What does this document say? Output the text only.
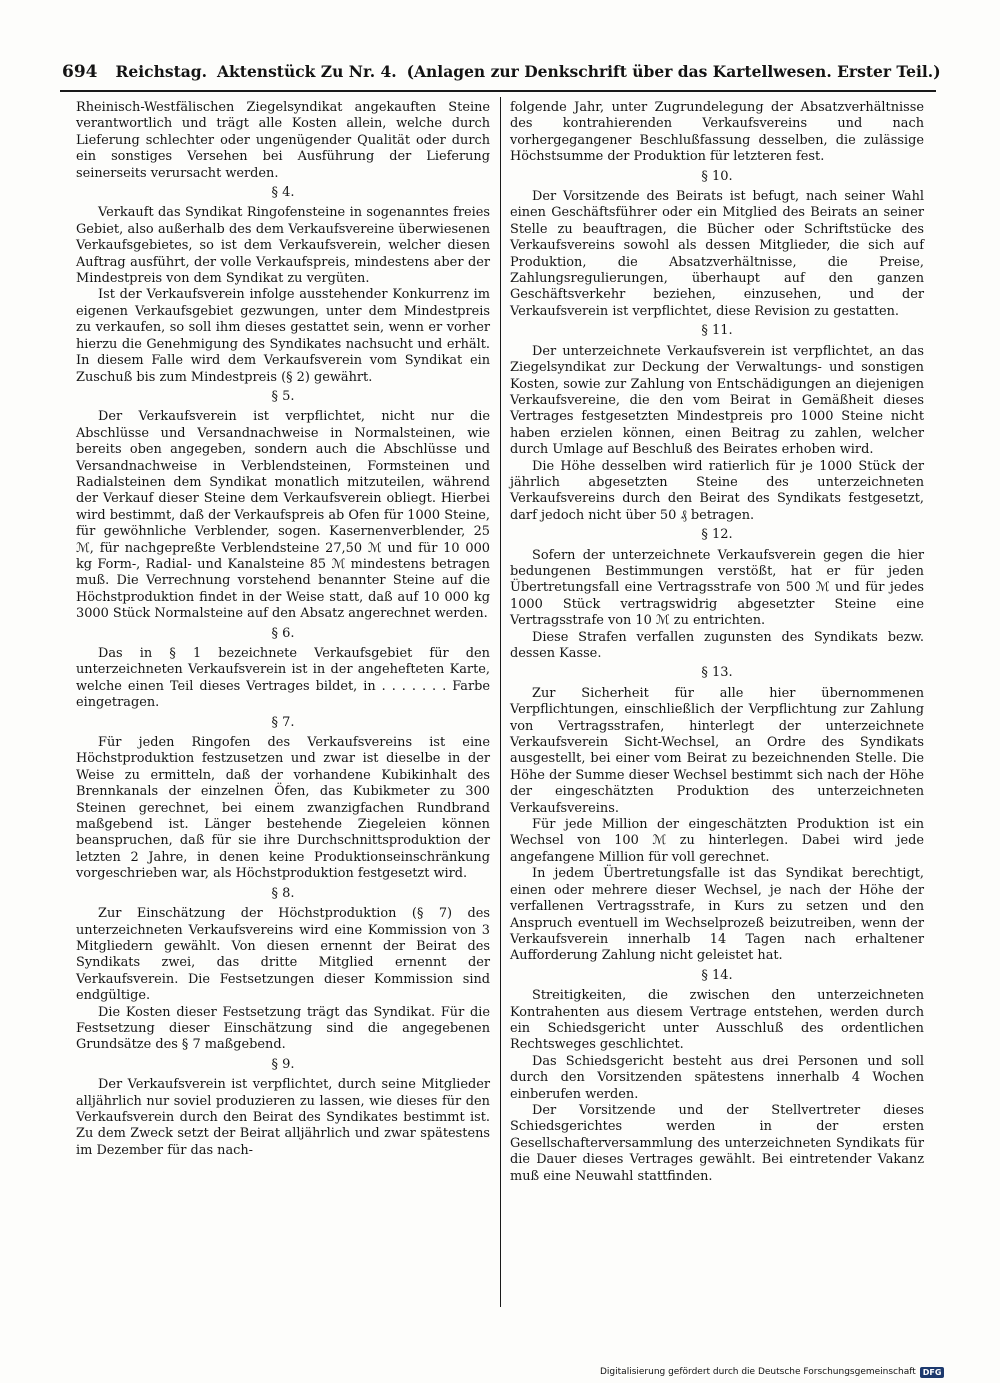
694 Reichstag. Aktenstück Zu Nr. 4. (Anlagen zur Denkschrift über das Kartellwesen. Erster Teil.)

Rheinisch-Westfälischen Ziegelsyndikat angekauften Steine verantwortlich und trägt alle Kosten allein, welche durch Lieferung schlechter oder ungenügender Qualität oder durch ein sonstiges Versehen bei Ausführung der Lieferung seinerseits verursacht werden.

§ 4.

Verkauft das Syndikat Ringofensteine in sogenanntes freies Gebiet, also außerhalb des dem Verkaufsvereine überwiesenen Verkaufsgebietes, so ist dem Verkaufsverein, welcher diesen Auftrag ausführt, der volle Verkaufspreis, mindestens aber der Mindestpreis von dem Syndikat zu vergüten.

Ist der Verkaufsverein infolge ausstehender Konkurrenz im eigenen Verkaufsgebiet gezwungen, unter dem Mindestpreis zu verkaufen, so soll ihm dieses gestattet sein, wenn er vorher hierzu die Genehmigung des Syndikates nachsucht und erhält. In diesem Falle wird dem Verkaufsverein vom Syndikat ein Zuschuß bis zum Mindestpreis (§ 2) gewährt.

§ 5.

Der Verkaufsverein ist verpflichtet, nicht nur die Abschlüsse und Versandnachweise in Normalsteinen, wie bereits oben angegeben, sondern auch die Abschlüsse und Versandnachweise in Verblendsteinen, Formsteinen und Radialsteinen dem Syndikat monatlich mitzuteilen, während der Verkauf dieser Steine dem Verkaufsverein obliegt. Hierbei wird bestimmt, daß der Verkaufspreis ab Ofen für 1000 Steine, für gewöhnliche Verblender, sogen. Kasernenverblender, 25 ℳ, für nachgepreßte Verblendsteine 27,50 ℳ und für 10 000 kg Form-, Radial- und Kanalsteine 85 ℳ mindestens betragen muß. Die Verrechnung vorstehend benannter Steine auf die Höchstproduktion findet in der Weise statt, daß auf 10 000 kg 3000 Stück Normalsteine auf den Absatz angerechnet werden.

§ 6.

Das in § 1 bezeichnete Verkaufsgebiet für den unterzeichneten Verkaufsverein ist in der angehefteten Karte, welche einen Teil dieses Vertrages bildet, in . . . . . . . Farbe eingetragen.

§ 7.

Für jeden Ringofen des Verkaufsvereins ist eine Höchstproduktion festzusetzen und zwar ist dieselbe in der Weise zu ermitteln, daß der vorhandene Kubikinhalt des Brennkanals der einzelnen Öfen, das Kubikmeter zu 300 Steinen gerechnet, bei einem zwanzigfachen Rundbrand maßgebend ist. Länger bestehende Ziegeleien können beanspruchen, daß für sie ihre Durchschnittsproduktion der letzten 2 Jahre, in denen keine Produktionseinschränkung vorgeschrieben war, als Höchstproduktion festgesetzt wird.

§ 8.

Zur Einschätzung der Höchstproduktion (§ 7) des unterzeichneten Verkaufsvereins wird eine Kommission von 3 Mitgliedern gewählt. Von diesen ernennt der Beirat des Syndikats zwei, das dritte Mitglied ernennt der Verkaufsverein. Die Festsetzungen dieser Kommission sind endgültige.

Die Kosten dieser Festsetzung trägt das Syndikat. Für die Festsetzung dieser Einschätzung sind die angegebenen Grundsätze des § 7 maßgebend.

§ 9.

Der Verkaufsverein ist verpflichtet, durch seine Mitglieder alljährlich nur soviel produzieren zu lassen, wie dieses für den Verkaufsverein durch den Beirat des Syndikates bestimmt ist. Zu dem Zweck setzt der Beirat alljährlich und zwar spätestens im Dezember für das nach-

folgende Jahr, unter Zugrundelegung der Absatzverhältnisse des kontrahierenden Verkaufsvereins und nach vorhergegangener Beschlußfassung desselben, die zulässige Höchstsumme der Produktion für letzteren fest.

§ 10.

Der Vorsitzende des Beirats ist befugt, nach seiner Wahl einen Geschäftsführer oder ein Mitglied des Beirats an seiner Stelle zu beauftragen, die Bücher oder Schriftstücke des Verkaufsvereins sowohl als dessen Mitglieder, die sich auf Produktion, die Absatzverhältnisse, die Preise, Zahlungsregulierungen, überhaupt auf den ganzen Geschäftsverkehr beziehen, einzusehen, und der Verkaufsverein ist verpflichtet, diese Revision zu gestatten.

§ 11.

Der unterzeichnete Verkaufsverein ist verpflichtet, an das Ziegelsyndikat zur Deckung der Verwaltungs- und sonstigen Kosten, sowie zur Zahlung von Entschädigungen an diejenigen Verkaufsvereine, die den vom Beirat in Gemäßheit dieses Vertrages festgesetzten Mindestpreis pro 1000 Steine nicht haben erzielen können, einen Beitrag zu zahlen, welcher durch Umlage auf Beschluß des Beirates erhoben wird.

Die Höhe desselben wird ratierlich für je 1000 Stück der jährlich abgesetzten Steine des unterzeichneten Verkaufsvereins durch den Beirat des Syndikats festgesetzt, darf jedoch nicht über 50 ₰ betragen.

§ 12.

Sofern der unterzeichnete Verkaufsverein gegen die hier bedungenen Bestimmungen verstößt, hat er für jeden Übertretungsfall eine Vertragsstrafe von 500 ℳ und für jedes 1000 Stück vertragswidrig abgesetzter Steine eine Vertragsstrafe von 10 ℳ zu entrichten.

Diese Strafen verfallen zugunsten des Syndikats bezw. dessen Kasse.

§ 13.

Zur Sicherheit für alle hier übernommenen Verpflichtungen, einschließlich der Verpflichtung zur Zahlung von Vertragsstrafen, hinterlegt der unterzeichnete Verkaufsverein Sicht-Wechsel, an Ordre des Syndikats ausgestellt, bei einer vom Beirat zu bezeichnenden Stelle. Die Höhe der Summe dieser Wechsel bestimmt sich nach der Höhe der eingeschätzten Produktion des unterzeichneten Verkaufsvereins.

Für jede Million der eingeschätzten Produktion ist ein Wechsel von 100 ℳ zu hinterlegen. Dabei wird jede angefangene Million für voll gerechnet.

In jedem Übertretungsfalle ist das Syndikat berechtigt, einen oder mehrere dieser Wechsel, je nach der Höhe der verfallenen Vertragsstrafe, in Kurs zu setzen und den Anspruch eventuell im Wechselprozeß beizutreiben, wenn der Verkaufsverein innerhalb 14 Tagen nach erhaltener Aufforderung Zahlung nicht geleistet hat.

§ 14.

Streitigkeiten, die zwischen den unterzeichneten Kontrahenten aus diesem Vertrage entstehen, werden durch ein Schiedsgericht unter Ausschluß des ordentlichen Rechtsweges geschlichtet.

Das Schiedsgericht besteht aus drei Personen und soll durch den Vorsitzenden spätestens innerhalb 4 Wochen einberufen werden.

Der Vorsitzende und der Stellvertreter dieses Schiedsgerichtes werden in der ersten Gesellschafterversammlung des unterzeichneten Syndikats für die Dauer dieses Vertrages gewählt. Bei eintretender Vakanz muß eine Neuwahl stattfinden.

Digitalisierung gefördert durch die Deutsche Forschungsgemeinschaft DFG
